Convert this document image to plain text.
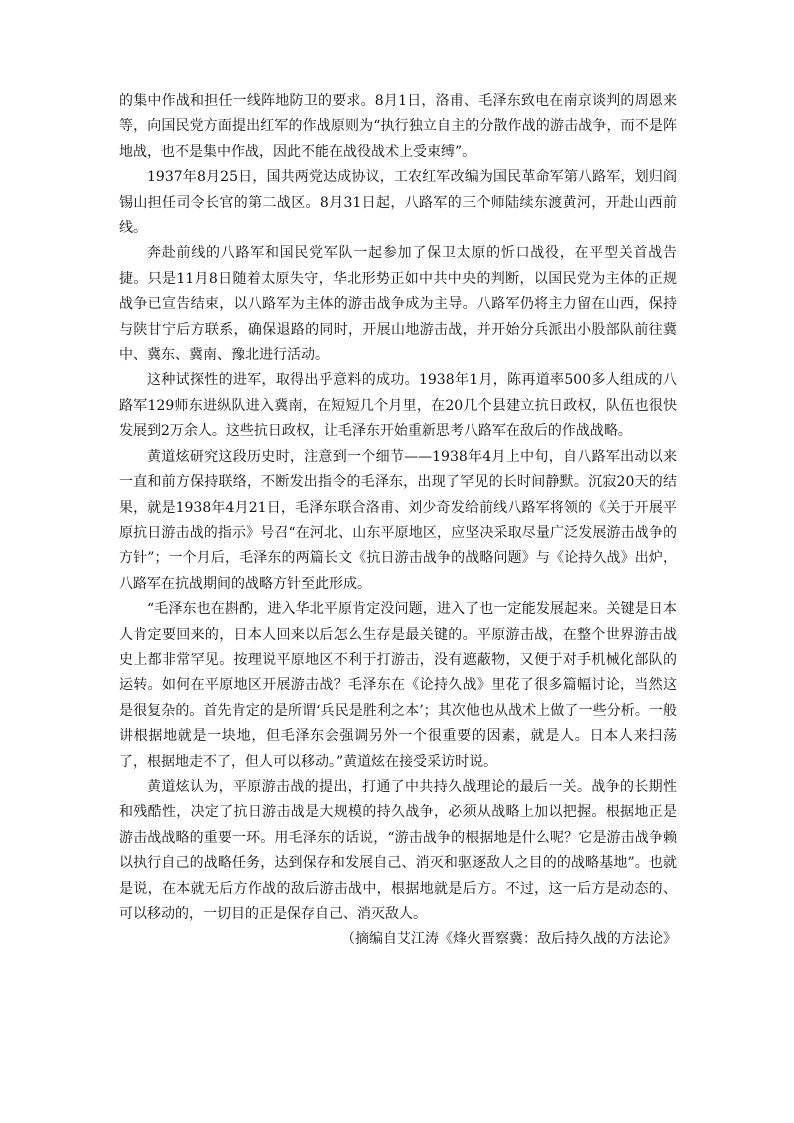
的集中作战和担任一线阵地防卫的要求。8月1日，洛甫、毛泽东致电在南京谈判的周恩来等，向国民党方面提出红军的作战原则为“执行独立自主的分散作战的游击战争，而不是阵地战，也不是集中作战，因此不能在战役战术上受束缚”。

1937年8月25日，国共两党达成协议，工农红军改编为国民革命军第八路军，划归阎锡山担任司令长官的第二战区。8月31日起，八路军的三个师陆续东渡黄河，开赴山西前线。

奔赴前线的八路军和国民党军队一起参加了保卫太原的忻口战役，在平型关首战告捷。只是11月8日随着太原失守，华北形势正如中共中央的判断，以国民党为主体的正规战争已宣告结束，以八路军为主体的游击战争成为主导。八路军仍将主力留在山西，保持与陕甘宁后方联系，确保退路的同时，开展山地游击战，并开始分兵派出小股部队前往冀中、冀东、冀南、豫北进行活动。

这种试探性的进军，取得出乎意料的成功。1938年1月，陈再道率500多人组成的八路军129师东进纵队进入冀南，在短短几个月里，在20几个县建立抗日政权，队伍也很快发展到2万余人。这些抗日政权，让毛泽东开始重新思考八路军在敌后的作战战略。

黄道炫研究这段历史时，注意到一个细节——1938年4月上中旬，自八路军出动以来一直和前方保持联络，不断发出指令的毛泽东，出现了罕见的长时间静默。沉寂20天的结果，就是1938年4月21日，毛泽东联合洛甫、刘少奇发给前线八路军将领的《关于开展平原抗日游击战的指示》号召“在河北、山东平原地区，应坚决采取尽量广泛发展游击战争的方针”；一个月后，毛泽东的两篇长文《抗日游击战争的战略问题》与《论持久战》出炉，八路军在抗战期间的战略方针至此形成。

“毛泽东也在斟酌，进入华北平原肯定没问题，进入了也一定能发展起来。关键是日本人肯定要回来的，日本人回来以后怎么生存是最关键的。平原游击战，在整个世界游击战史上都非常罕见。按理说平原地区不利于打游击，没有遮蔽物，又便于对手机械化部队的运转。如何在平原地区开展游击战？毛泽东在《论持久战》里花了很多篇幅讨论，当然这是很复杂的。首先肯定的是所谓‘兵民是胜利之本’；其次他也从战术上做了一些分析。一般讲根据地就是一块地，但毛泽东会强调另外一个很重要的因素，就是人。日本人来扫荡了，根据地走不了，但人可以移动。”黄道炫在接受采访时说。

黄道炫认为，平原游击战的提出，打通了中共持久战理论的最后一关。战争的长期性和残酷性，决定了抗日游击战是大规模的持久战争，必须从战略上加以把握。根据地正是游击战战略的重要一环。用毛泽东的话说，“游击战争的根据地是什么呢？它是游击战争赖以执行自己的战略任务，达到保存和发展自己、消灭和驱逐敌人之目的的战略基地”。也就是说，在本就无后方作战的敌后游击战中，根据地就是后方。不过，这一后方是动态的、可以移动的，一切目的正是保存自己、消灭敌人。

（摘编自艾江涛《烽火晋察冀：敌后持久战的方法论》
